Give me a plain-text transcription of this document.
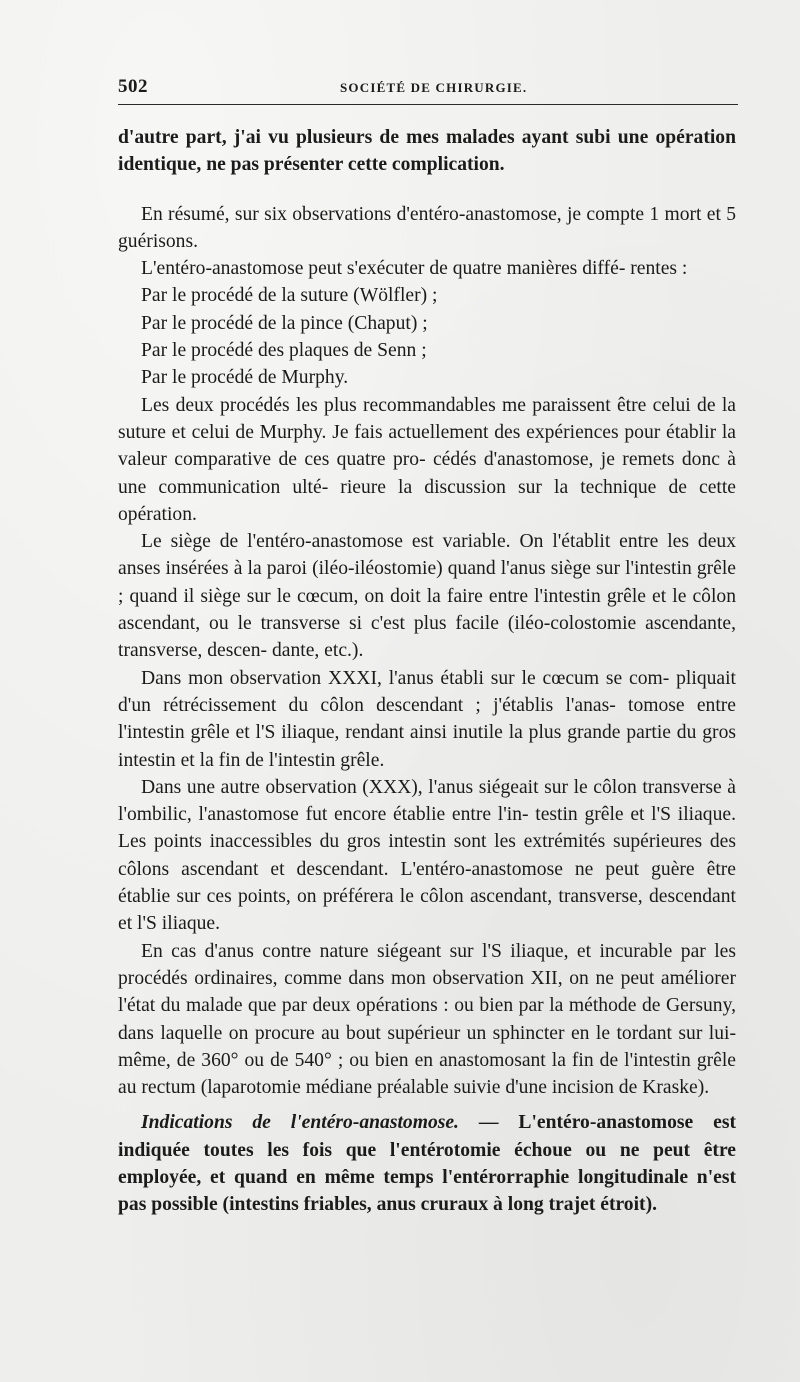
502	SOCIÉTÉ DE CHIRURGIE.

d'autre part, j'ai vu plusieurs de mes malades ayant subi une opération identique, ne pas présenter cette complication.

En résumé, sur six observations d'entéro-anastomose, je compte 1 mort et 5 guérisons.

L'entéro-anastomose peut s'exécuter de quatre manières diffé- rentes :

Par le procédé de la suture (Wölfler) ;

Par le procédé de la pince (Chaput) ;

Par le procédé des plaques de Senn ;

Par le procédé de Murphy.

Les deux procédés les plus recommandables me paraissent être celui de la suture et celui de Murphy. Je fais actuellement des expériences pour établir la valeur comparative de ces quatre pro- cédés d'anastomose, je remets donc à une communication ulté- rieure la discussion sur la technique de cette opération.

Le siège de l'entéro-anastomose est variable. On l'établit entre les deux anses insérées à la paroi (iléo-iléostomie) quand l'anus siège sur l'intestin grêle ; quand il siège sur le cœcum, on doit la faire entre l'intestin grêle et le côlon ascendant, ou le transverse si c'est plus facile (iléo-colostomie ascendante, transverse, descen- dante, etc.).

Dans mon observation XXXI, l'anus établi sur le cœcum se com- pliquait d'un rétrécissement du côlon descendant ; j'établis l'anas- tomose entre l'intestin grêle et l'S iliaque, rendant ainsi inutile la plus grande partie du gros intestin et la fin de l'intestin grêle.

Dans une autre observation (XXX), l'anus siégeait sur le côlon transverse à l'ombilic, l'anastomose fut encore établie entre l'in- testin grêle et l'S iliaque. Les points inaccessibles du gros intestin sont les extrémités supérieures des côlons ascendant et descendant. L'entéro-anastomose ne peut guère être établie sur ces points, on préférera le côlon ascendant, transverse, descendant et l'S iliaque.

En cas d'anus contre nature siégeant sur l'S iliaque, et incurable par les procédés ordinaires, comme dans mon observation XII, on ne peut améliorer l'état du malade que par deux opérations : ou bien par la méthode de Gersuny, dans laquelle on procure au bout supérieur un sphincter en le tordant sur lui-même, de 360° ou de 540° ; ou bien en anastomosant la fin de l'intestin grêle au rectum (laparotomie médiane préalable suivie d'une incision de Kraske).

Indications de l'entéro-anastomose. — L'entéro-anastomose est indiquée toutes les fois que l'entérotomie échoue ou ne peut être employée, et quand en même temps l'entérorraphie longitudinale n'est pas possible (intestins friables, anus cruraux à long trajet étroit).
